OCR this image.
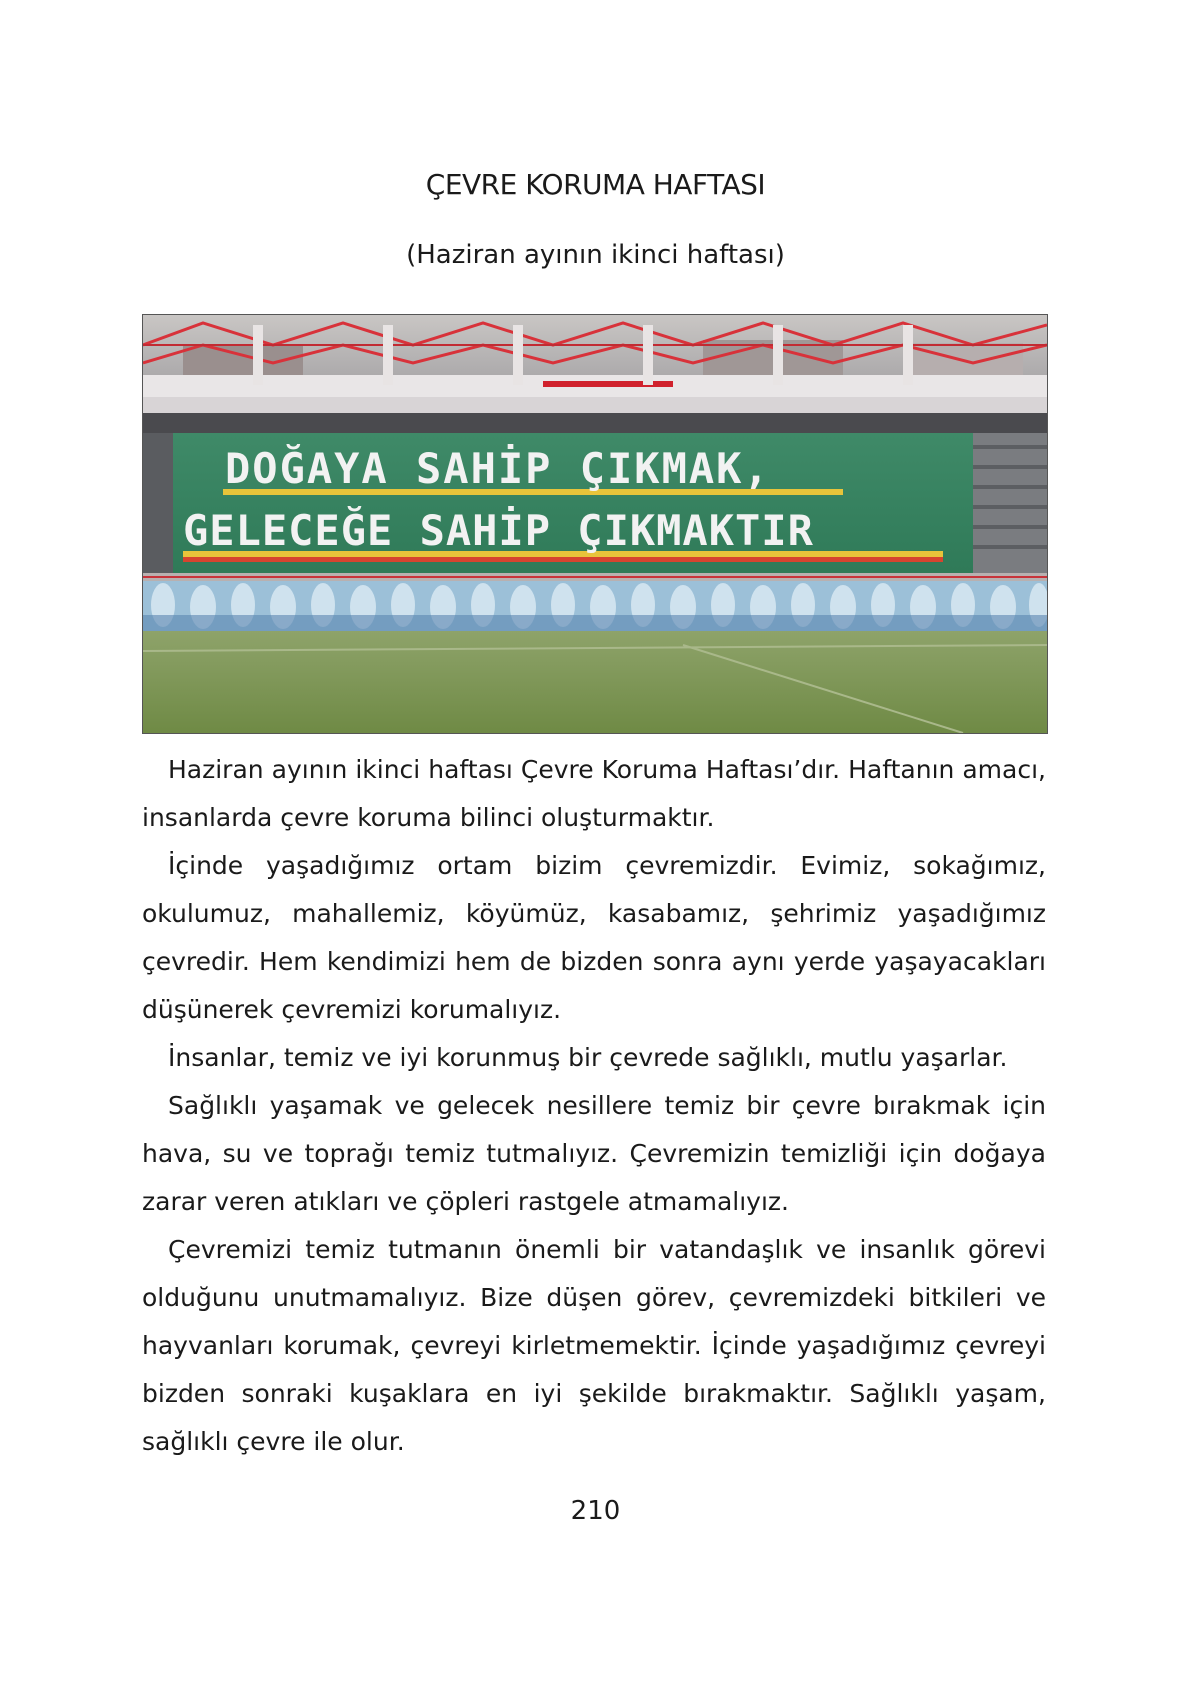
ÇEVRE KORUMA HAFTASI
(Haziran ayının ikinci haftası)
DOĞAYA SAHİP ÇIKMAK,
GELECEĞE SAHİP ÇIKMAKTIR

Haziran ayının ikinci haftası Çevre Koruma Haftası’dır. Haftanın amacı, insanlarda çevre koruma bilinci oluşturmaktır.

İçinde yaşadığımız ortam bizim çevremizdir. Evimiz, sokağımız, okulumuz, mahallemiz, köyümüz, kasabamız, şehrimiz yaşadığımız çevredir. Hem kendimizi hem de bizden sonra aynı yerde yaşayacakları düşünerek çevremizi korumalıyız.

İnsanlar, temiz ve iyi korunmuş bir çevrede sağlıklı, mutlu yaşarlar.

Sağlıklı yaşamak ve gelecek nesillere temiz bir çevre bırakmak için hava, su ve toprağı temiz tutmalıyız. Çevremizin temizliği için doğaya zarar veren atıkları ve çöpleri rastgele atmamalıyız.

Çevremizi temiz tutmanın önemli bir vatandaşlık ve insanlık görevi olduğunu unutmamalıyız. Bize düşen görev, çevremizdeki bitkileri ve hayvanları korumak, çevreyi kirletmemektir. İçinde yaşadığımız çevreyi bizden sonraki kuşaklara en iyi şekilde bırakmaktır. Sağlıklı yaşam, sağlıklı çevre ile olur.

210
